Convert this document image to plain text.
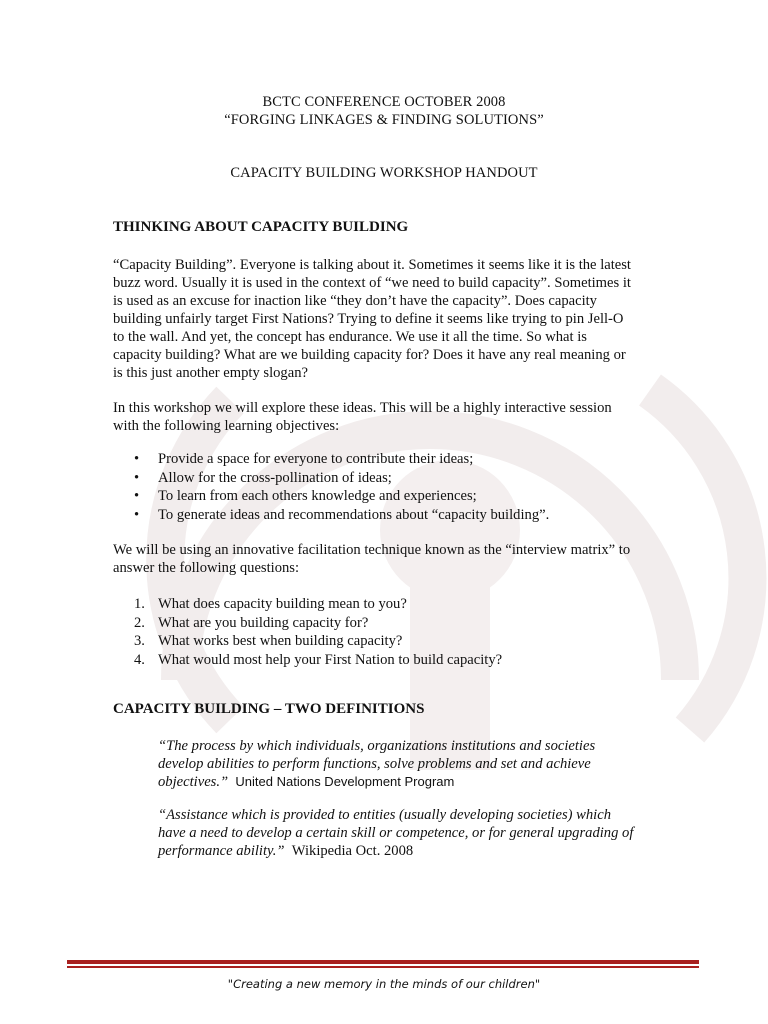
BCTC CONFERENCE OCTOBER 2008
“FORGING LINKAGES & FINDING SOLUTIONS”
CAPACITY BUILDING WORKSHOP HANDOUT
THINKING ABOUT CAPACITY BUILDING
“Capacity Building”. Everyone is talking about it. Sometimes it seems like it is the latest
buzz word. Usually it is used in the context of “we need to build capacity”. Sometimes it
is used as an excuse for inaction like “they don’t have the capacity”. Does capacity
building unfairly target First Nations? Trying to define it seems like trying to pin Jell-O
to the wall. And yet, the concept has endurance. We use it all the time. So what is
capacity building? What are we building capacity for? Does it have any real meaning or
is this just another empty slogan?
In this workshop we will explore these ideas. This will be a highly interactive session
with the following learning objectives:
• Provide a space for everyone to contribute their ideas;
• Allow for the cross-pollination of ideas;
• To learn from each others knowledge and experiences;
• To generate ideas and recommendations about “capacity building”.
We will be using an innovative facilitation technique known as the “interview matrix” to
answer the following questions:
1. What does capacity building mean to you?
2. What are you building capacity for?
3. What works best when building capacity?
4. What would most help your First Nation to build capacity?
CAPACITY BUILDING – TWO DEFINITIONS
“The process by which individuals, organizations institutions and societies
develop abilities to perform functions, solve problems and set and achieve
objectives.” United Nations Development Program
“Assistance which is provided to entities (usually developing societies) which
have a need to develop a certain skill or competence, or for general upgrading of
performance ability.” Wikipedia Oct. 2008
"Creating a new memory in the minds of our children"
